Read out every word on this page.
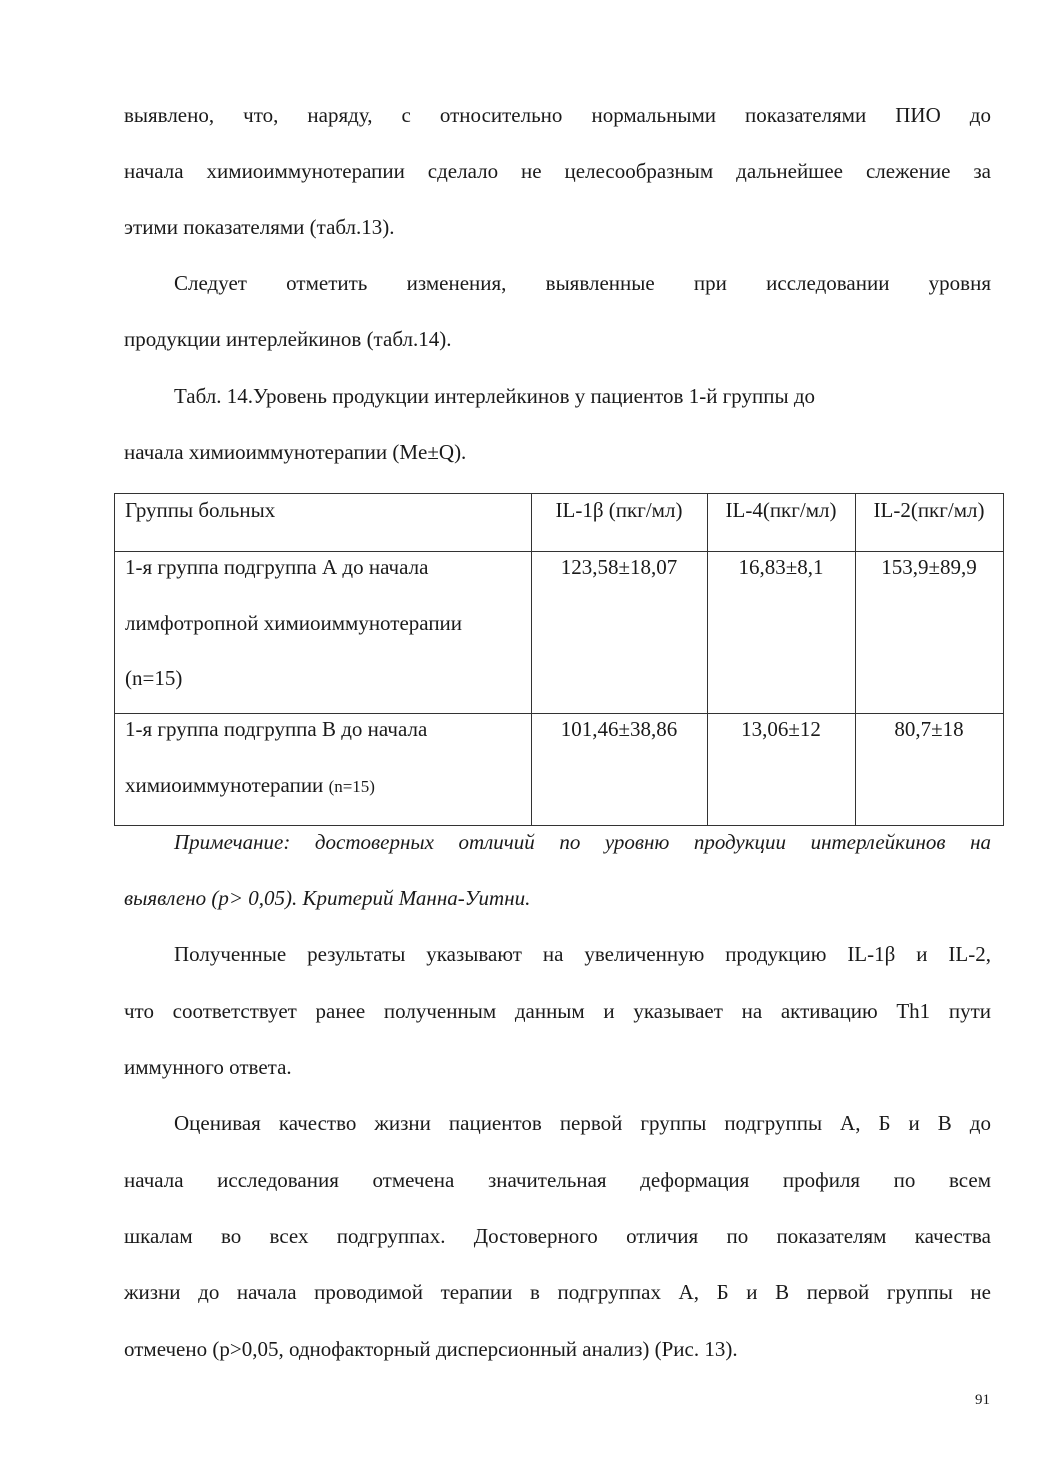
выявлено, что, наряду, с относительно нормальными показателями ПИО до
начала химиоиммунотерапии сделало не целесообразным дальнейшее слежение за
этими показателями (табл.13).
Следует отметить изменения, выявленные при исследовании уровня
продукции интерлейкинов (табл.14).
Табл. 14.Уровень продукции интерлейкинов у пациентов 1-й группы до
начала химиоиммунотерапии (Me±Q).
Группы больных	IL-1β (пкг/мл)	IL-4(пкг/мл)	IL-2(пкг/мл)
1-я группа подгруппа А до начала
лимфотропной химиоиммунотерапии
(n=15)
123,58±18,07	16,83±8,1	153,9±89,9
1-я группа подгруппа В до начала
химиоиммунотерапии (n=15)
101,46±38,86	13,06±12	80,7±18
Примечание: достоверных отличий по уровню продукции интерлейкинов на
выявлено (p> 0,05). Критерий Манна-Уитни.
Полученные результаты указывают на увеличенную продукцию IL-1β и IL-2,
что соответствует ранее полученным данным и указывает на активацию Th1 пути
иммунного ответа.
Оценивая качество жизни пациентов первой группы подгруппы А, Б и В до
начала исследования отмечена значительная деформация профиля по всем
шкалам во всех подгруппах. Достоверного отличия по показателям качества
жизни до начала проводимой терапии в подгруппах А, Б и В первой группы не
отмечено (р>0,05, однофакторный дисперсионный анализ) (Рис. 13).
91
